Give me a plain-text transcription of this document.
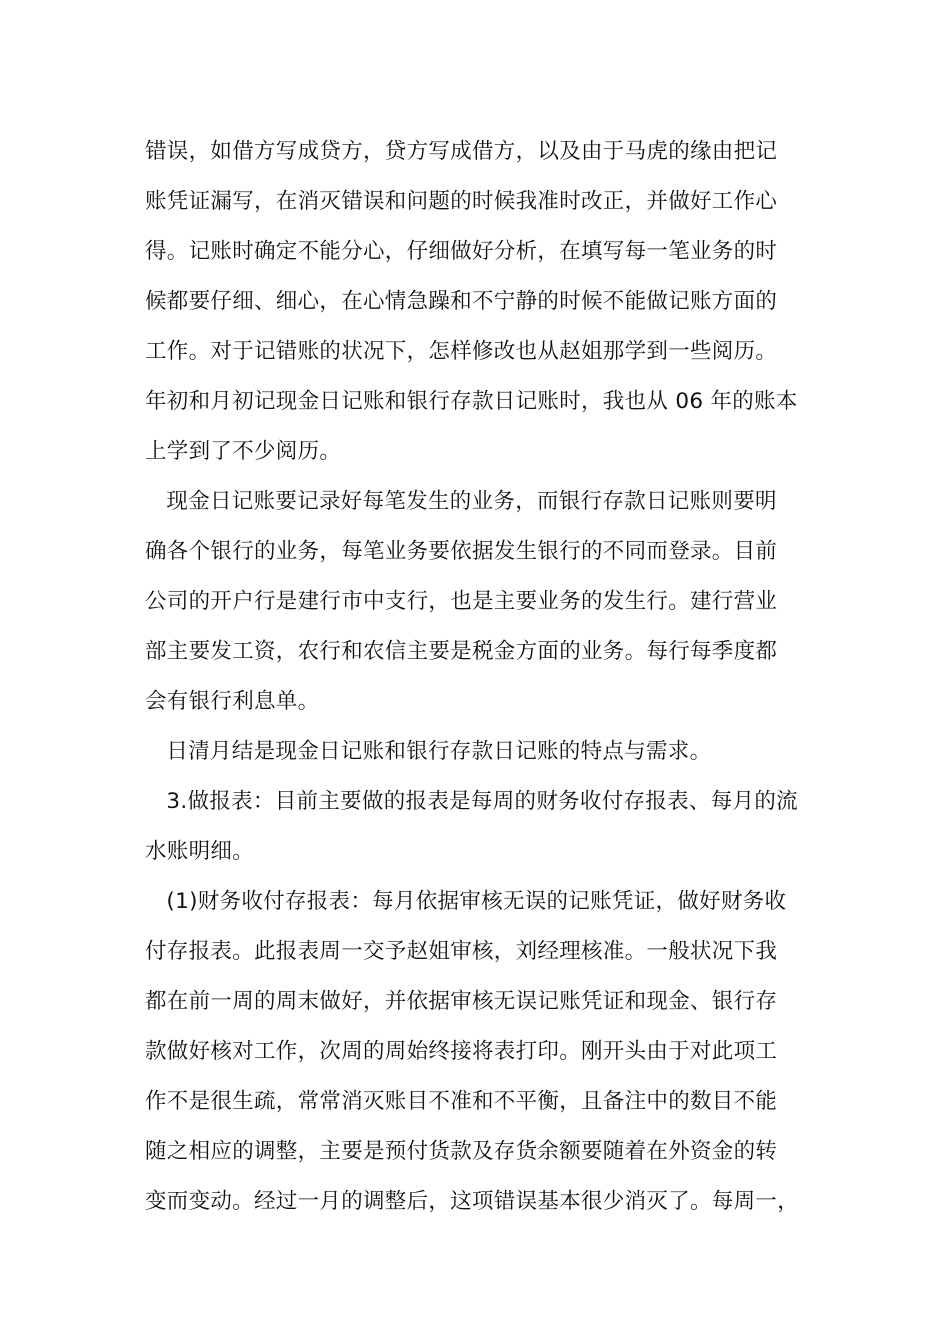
错误，如借方写成贷方，贷方写成借方，以及由于马虎的缘由把记
账凭证漏写，在消灭错误和问题的时候我准时改正，并做好工作心
得。记账时确定不能分心，仔细做好分析，在填写每一笔业务的时
候都要仔细、细心，在心情急躁和不宁静的时候不能做记账方面的
工作。对于记错账的状况下，怎样修改也从赵姐那学到一些阅历。
年初和月初记现金日记账和银行存款日记账时，我也从 06 年的账本
上学到了不少阅历。
现金日记账要记录好每笔发生的业务，而银行存款日记账则要明
确各个银行的业务，每笔业务要依据发生银行的不同而登录。目前
公司的开户行是建行市中支行，也是主要业务的发生行。建行营业
部主要发工资，农行和农信主要是税金方面的业务。每行每季度都
会有银行利息单。
日清月结是现金日记账和银行存款日记账的特点与需求。
3.做报表：目前主要做的报表是每周的财务收付存报表、每月的流
水账明细。
(1)财务收付存报表：每月依据审核无误的记账凭证，做好财务收
付存报表。此报表周一交予赵姐审核，刘经理核准。一般状况下我
都在前一周的周末做好，并依据审核无误记账凭证和现金、银行存
款做好核对工作，次周的周始终接将表打印。刚开头由于对此项工
作不是很生疏，常常消灭账目不准和不平衡，且备注中的数目不能
随之相应的调整，主要是预付货款及存货余额要随着在外资金的转
变而变动。经过一月的调整后，这项错误基本很少消灭了。每周一，
